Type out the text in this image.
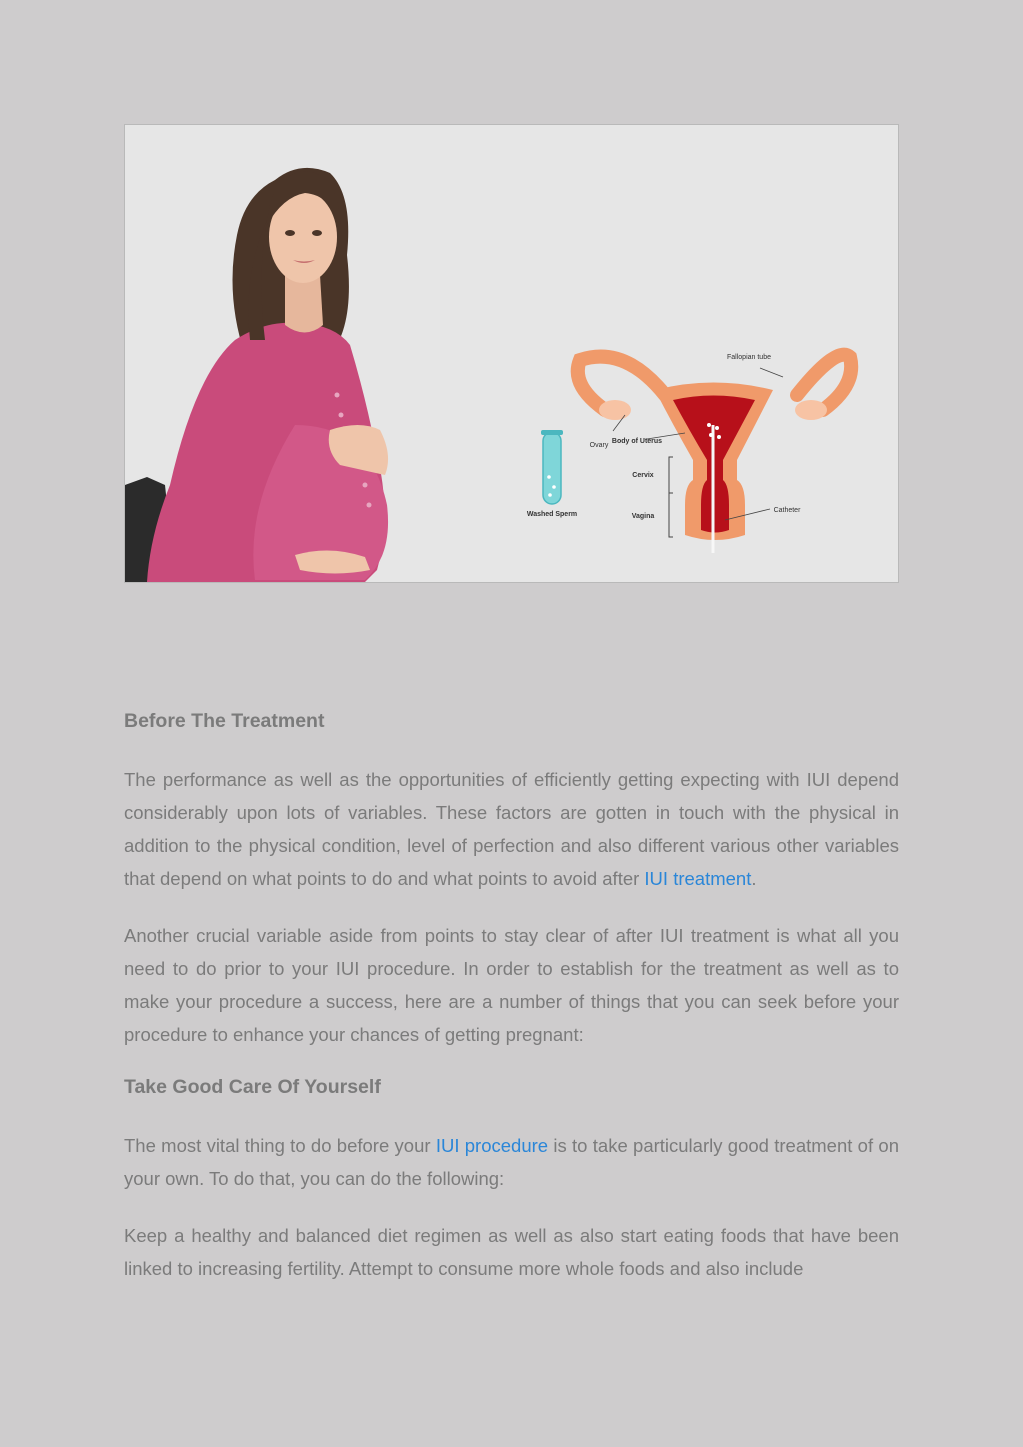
Washed Sperm
Fallopian tube
Ovary
Body of Uterus
Cervix
Vagina
Catheter
Before The Treatment

The performance as well as the opportunities of efficiently getting expecting with IUI depend considerably upon lots of variables. These factors are gotten in touch with the physical in addition to the physical condition, level of perfection and also different various other variables that depend on what points to do and what points to avoid after IUI treatment.

Another crucial variable aside from points to stay clear of after IUI treatment is what all you need to do prior to your IUI procedure. In order to establish for the treatment as well as to make your procedure a success, here are a number of things that you can seek before your procedure to enhance your chances of getting pregnant:

Take Good Care Of Yourself

The most vital thing to do before your IUI procedure is to take particularly good treatment of on your own. To do that, you can do the following:

Keep a healthy and balanced diet regimen as well as also start eating foods that have been linked to increasing fertility. Attempt to consume more whole foods and also include
